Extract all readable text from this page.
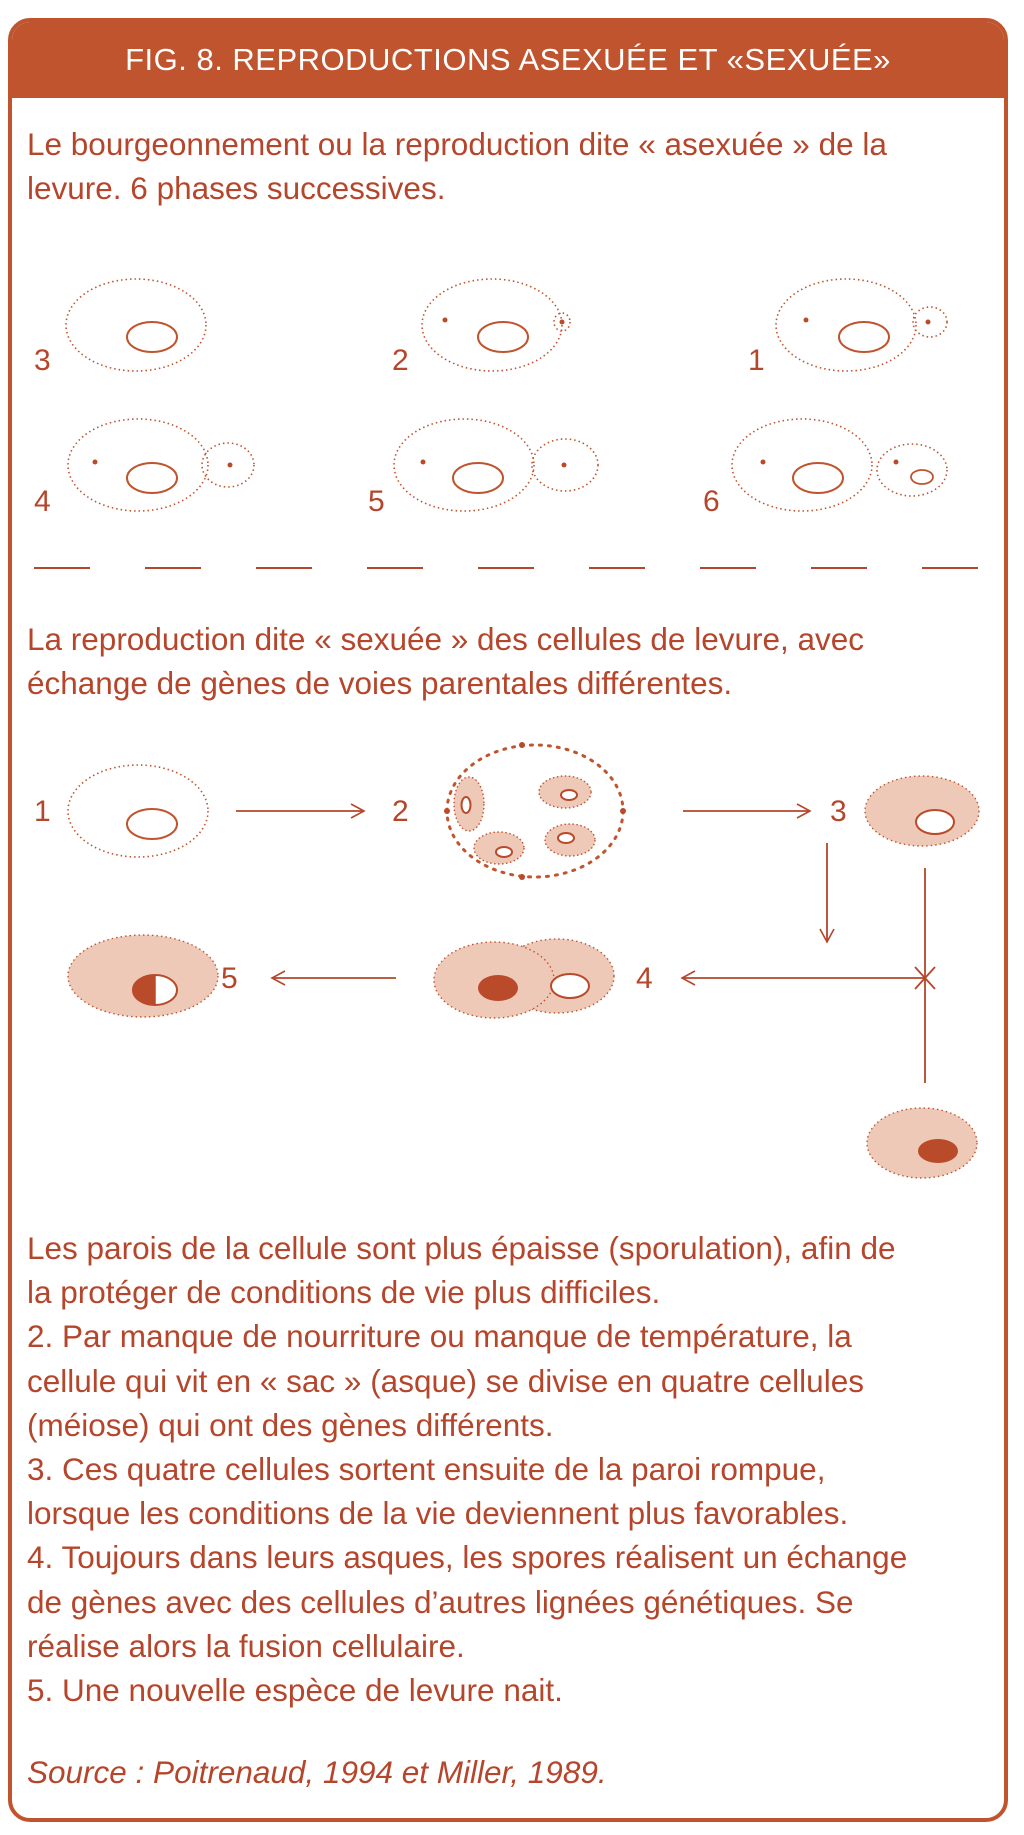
FIG. 8. REPRODUCTIONS ASEXUÉE ET «SEXUÉE»
Le bourgeonnement ou la reproduction dite « asexuée » de la
levure. 6 phases successives.
La reproduction dite « sexuée » des cellules de levure, avec
échange de gènes de voies parentales différentes.
Les parois de la cellule sont plus épaisse (sporulation), afin de
la protéger de conditions de vie plus difficiles.
2. Par manque de nourriture ou manque de température, la
cellule qui vit en « sac » (asque) se divise en quatre cellules
(méiose) qui ont des gènes différents.
3. Ces quatre cellules sortent ensuite de la paroi rompue,
lorsque les conditions de la vie deviennent plus favorables.
4. Toujours dans leurs asques, les spores réalisent un échange
de gènes avec des cellules d’autres lignées génétiques. Se
réalise alors la fusion cellulaire.
5. Une nouvelle espèce de levure nait.
Source : Poitrenaud, 1994 et Miller, 1989.
3	2	1
4	5	6
1	2	3
4
5
